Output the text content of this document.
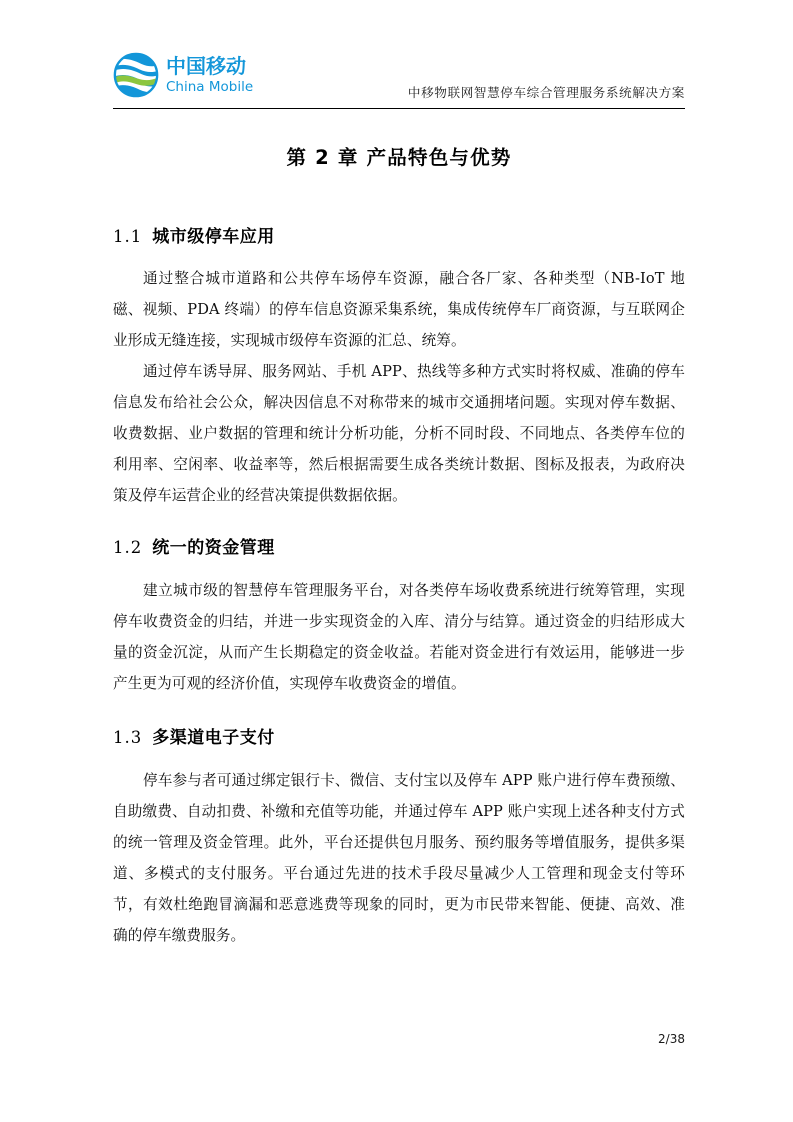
中国移动
China Mobile	中移物联网智慧停车综合管理服务系统解决方案
第 2 章 产品特色与优势
1.1 城市级停车应用

通过整合城市道路和公共停车场停车资源，融合各厂家、各种类型（NB-IoT 地磁、视频、PDA 终端）的停车信息资源采集系统，集成传统停车厂商资源，与互联网企业形成无缝连接，实现城市级停车资源的汇总、统筹。

通过停车诱导屏、服务网站、手机 APP、热线等多种方式实时将权威、准确的停车信息发布给社会公众，解决因信息不对称带来的城市交通拥堵问题。实现对停车数据、收费数据、业户数据的管理和统计分析功能，分析不同时段、不同地点、各类停车位的利用率、空闲率、收益率等，然后根据需要生成各类统计数据、图标及报表，为政府决策及停车运营企业的经营决策提供数据依据。

1.2 统一的资金管理

建立城市级的智慧停车管理服务平台，对各类停车场收费系统进行统筹管理，实现停车收费资金的归结，并进一步实现资金的入库、清分与结算。通过资金的归结形成大量的资金沉淀，从而产生长期稳定的资金收益。若能对资金进行有效运用，能够进一步产生更为可观的经济价值，实现停车收费资金的增值。

1.3 多渠道电子支付

停车参与者可通过绑定银行卡、微信、支付宝以及停车 APP 账户进行停车费预缴、自助缴费、自动扣费、补缴和充值等功能，并通过停车 APP 账户实现上述各种支付方式的统一管理及资金管理。此外，平台还提供包月服务、预约服务等增值服务，提供多渠道、多模式的支付服务。平台通过先进的技术手段尽量减少人工管理和现金支付等环节，有效杜绝跑冒滴漏和恶意逃费等现象的同时，更为市民带来智能、便捷、高效、准确的停车缴费服务。

2/38
